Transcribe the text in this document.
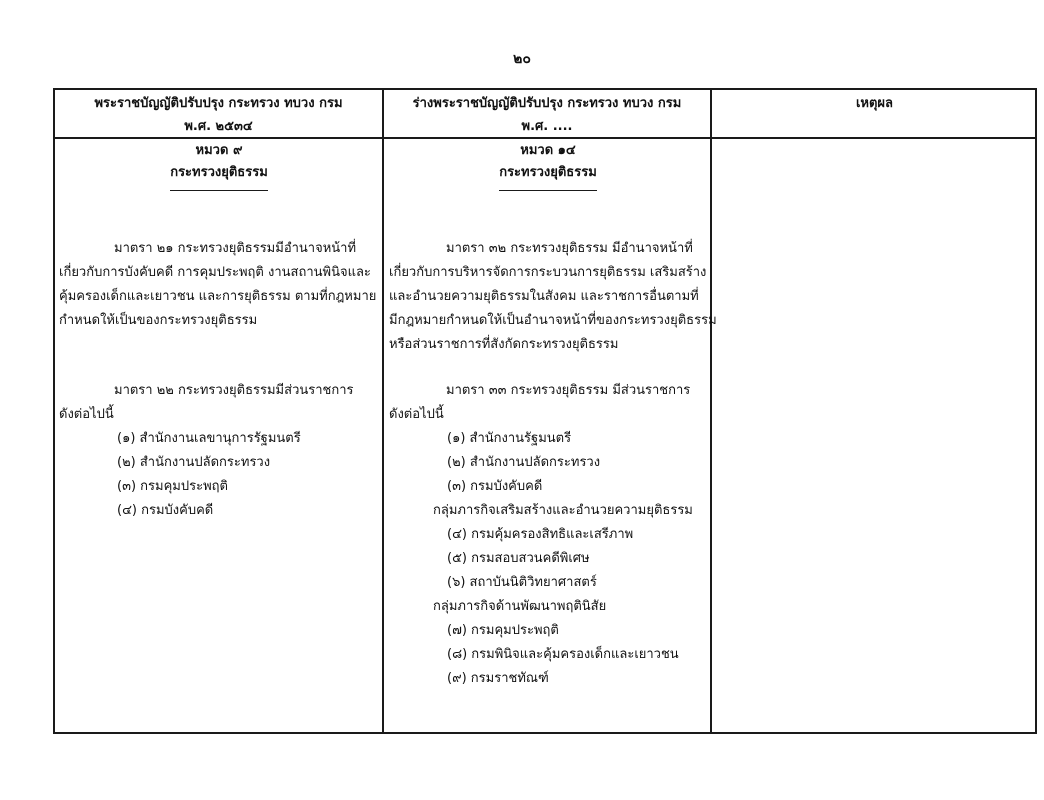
๒๐
พระราชบัญญัติปรับปรุง กระทรวง ทบวง กรม
พ.ศ. ๒๕๓๔
ร่างพระราชบัญญัติปรับปรุง กระทรวง ทบวง กรม
พ.ศ. ....
เหตุผล
หมวด ๙
กระทรวงยุติธรรม

มาตรา ๒๑ กระทรวงยุติธรรมมีอำนาจหน้าที่

เกี่ยวกับการบังคับคดี การคุมประพฤติ งานสถานพินิจและ

คุ้มครองเด็กและเยาวชน และการยุติธรรม ตามที่กฎหมาย

กำหนดให้เป็นของกระทรวงยุติธรรม

มาตรา ๒๒ กระทรวงยุติธรรมมีส่วนราชการ

ดังต่อไปนี้

(๑) สำนักงานเลขานุการรัฐมนตรี
(๒) สำนักงานปลัดกระทรวง
(๓) กรมคุมประพฤติ
(๔) กรมบังคับคดี
หมวด ๑๔
กระทรวงยุติธรรม

มาตรา ๓๒ กระทรวงยุติธรรม มีอำนาจหน้าที่

เกี่ยวกับการบริหารจัดการกระบวนการยุติธรรม เสริมสร้าง

และอำนวยความยุติธรรมในสังคม และราชการอื่นตามที่

มีกฎหมายกำหนดให้เป็นอำนาจหน้าที่ของกระทรวงยุติธรรม

หรือส่วนราชการที่สังกัดกระทรวงยุติธรรม

มาตรา ๓๓ กระทรวงยุติธรรม มีส่วนราชการ

ดังต่อไปนี้

(๑) สำนักงานรัฐมนตรี
(๒) สำนักงานปลัดกระทรวง
(๓) กรมบังคับคดี
กลุ่มภารกิจเสริมสร้างและอำนวยความยุติธรรม
(๔) กรมคุ้มครองสิทธิและเสรีภาพ
(๕) กรมสอบสวนคดีพิเศษ
(๖) สถาบันนิติวิทยาศาสตร์
กลุ่มภารกิจด้านพัฒนาพฤตินิสัย
(๗) กรมคุมประพฤติ
(๘) กรมพินิจและคุ้มครองเด็กและเยาวชน
(๙) กรมราชทัณฑ์
